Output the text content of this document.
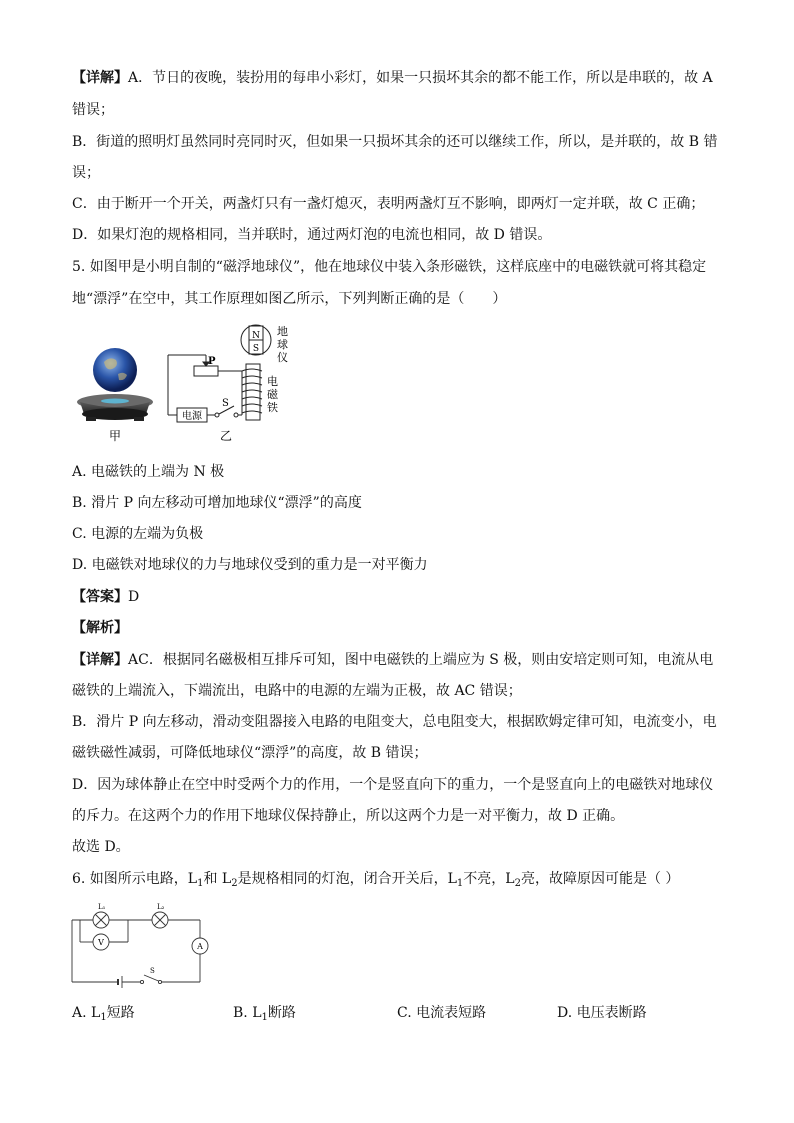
【详解】A．节日的夜晚，装扮用的每串小彩灯，如果一只损坏其余的都不能工作，所以是串联的，故 A
错误；
B．街道的照明灯虽然同时亮同时灭，但如果一只损坏其余的还可以继续工作，所以，是并联的，故 B 错
误；
C．由于断开一个开关，两盏灯只有一盏灯熄灭，表明两盏灯互不影响，即两灯一定并联，故 C 正确；
D．如果灯泡的规格相同，当并联时，通过两灯泡的电流也相同，故 D 错误。
5. 如图甲是小明自制的“磁浮地球仪”，他在地球仪中装入条形磁铁，这样底座中的电磁铁就可将其稳定
地“漂浮”在空中，其工作原理如图乙所示，下列判断正确的是（　　）
甲
N
S
地
球
仪
电
磁
铁
P
S
电源
乙
A. 电磁铁的上端为 N 极
B. 滑片 P 向左移动可增加地球仪“漂浮”的高度
C. 电源的左端为负极
D. 电磁铁对地球仪的力与地球仪受到的重力是一对平衡力
【答案】D
【解析】
【详解】AC．根据同名磁极相互排斥可知，图中电磁铁的上端应为 S 极，则由安培定则可知，电流从电
磁铁的上端流入，下端流出，电路中的电源的左端为正极，故 AC 错误；
B．滑片 P 向左移动，滑动变阻器接入电路的电阻变大，总电阻变大，根据欧姆定律可知，电流变小，电
磁铁磁性减弱，可降低地球仪“漂浮”的高度，故 B 错误；
D．因为球体静止在空中时受两个力的作用，一个是竖直向下的重力，一个是竖直向上的电磁铁对地球仪
的斥力。在这两个力的作用下地球仪保持静止，所以这两个力是一对平衡力，故 D 正确。
故选 D。
6. 如图所示电路，$L_1$和 $L_2$是规格相同的灯泡，闭合开关后，$L_1$不亮，$L_2$亮，故障原因可能是（ ）
L₁	L₂
V	A
S
A. $L_1$短路	B. $L_1$断路	C. 电流表短路	D. 电压表断路
